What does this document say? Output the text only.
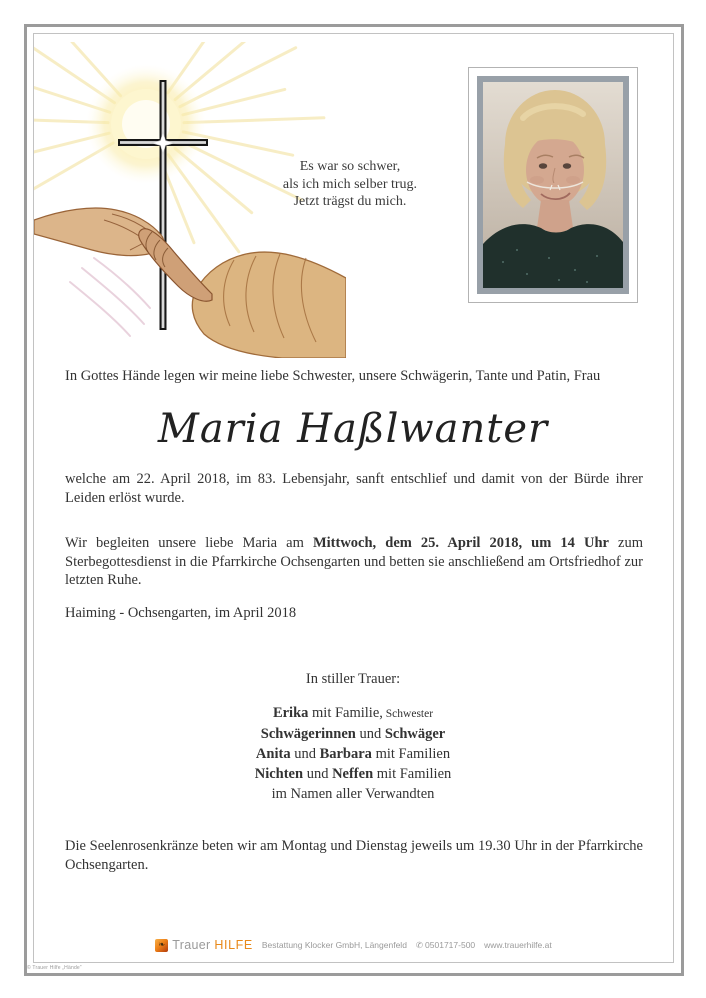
Es war so schwer,
als ich mich selber trug.
Jetzt trägst du mich.
In Gottes Hände legen wir meine liebe Schwester, unsere Schwägerin, Tante und Patin, Frau
Maria Haßlwanter
welche am 22. April 2018, im 83. Lebensjahr, sanft entschlief und damit von der Bürde ihrer Leiden erlöst wurde.
Wir begleiten unsere liebe Maria am Mittwoch, dem 25. April 2018, um 14 Uhr zum Sterbegottesdienst in die Pfarrkirche Ochsengarten und betten sie anschließend am Ortsfriedhof zur letzten Ruhe.
Haiming - Ochsengarten, im April 2018
In stiller Trauer:
Erika mit Familie, Schwester
Schwägerinnen und Schwäger
Anita und Barbara mit Familien
Nichten und Neffen mit Familien
im Namen aller Verwandten
Die Seelenrosenkränze beten wir am Montag und Dienstag jeweils um 19.30 Uhr in der Pfarrkirche Ochsengarten.
❧ Trauer HILFE Bestattung Klocker GmbH, Längenfeld ✆ 0501717-500 www.trauerhilfe.at
© Trauer Hilfe „Hände“
